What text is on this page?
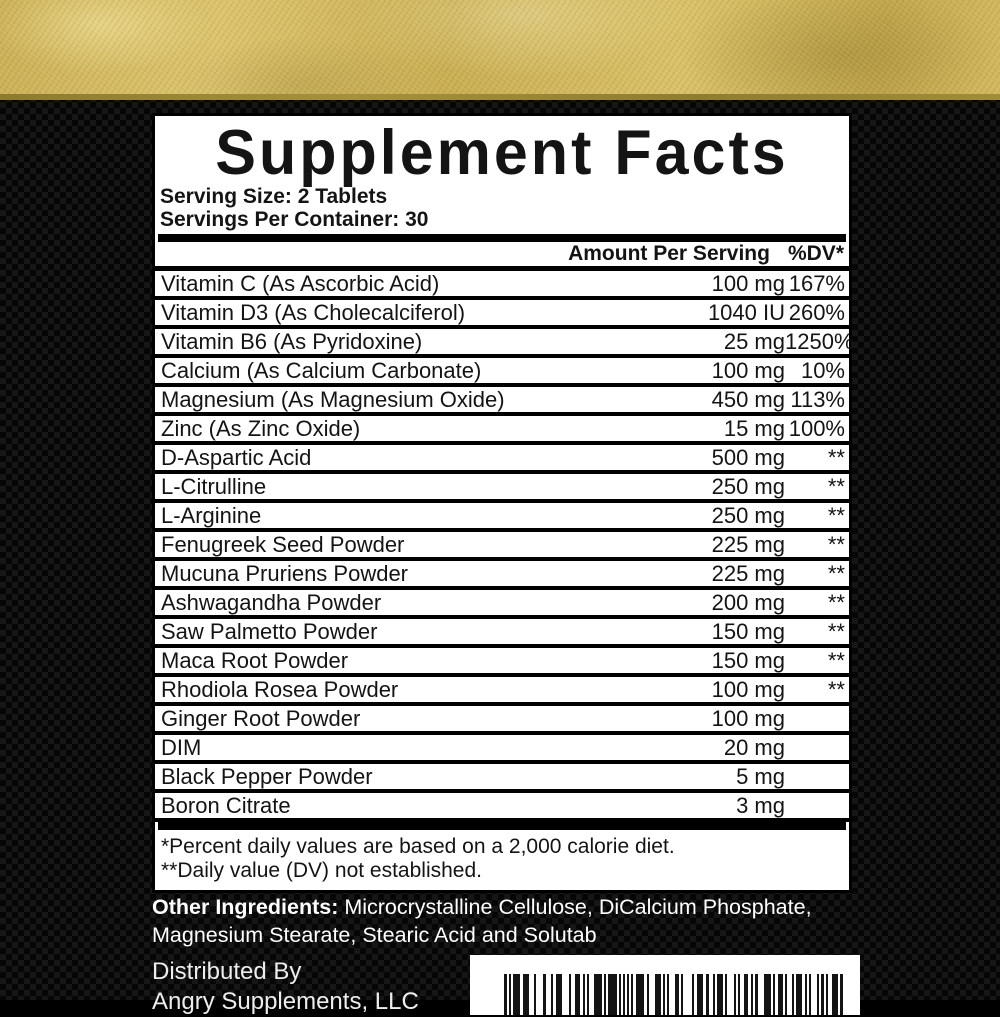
Supplement Facts
Serving Size: 2 Tablets
Servings Per Container: 30
Amount Per Serving %DV*
Vitamin C (As Ascorbic Acid)	100 mg 167%
Vitamin D3 (As Cholecalciferol)	1040 IU 260%
Vitamin B6 (As Pyridoxine)	25 mg 1250%
Calcium (As Calcium Carbonate)	100 mg 10%
Magnesium (As Magnesium Oxide)	450 mg 113%
Zinc (As Zinc Oxide)	15 mg 100%
D-Aspartic Acid	500 mg	**
L-Citrulline	250 mg	**
L-Arginine	250 mg	**
Fenugreek Seed Powder	225 mg	**
Mucuna Pruriens Powder	225 mg	**
Ashwagandha Powder	200 mg	**
Saw Palmetto Powder	150 mg	**
Maca Root Powder	150 mg	**
Rhodiola Rosea Powder	100 mg	**
Ginger Root Powder	100 mg
DIM	20 mg
Black Pepper Powder	5 mg
Boron Citrate	3 mg
*Percent daily values are based on a 2,000 calorie diet.
**Daily value (DV) not established.
Other Ingredients: Microcrystalline Cellulose, DiCalcium Phosphate,
Magnesium Stearate, Stearic Acid and Solutab
Distributed By
Angry Supplements, LLC
